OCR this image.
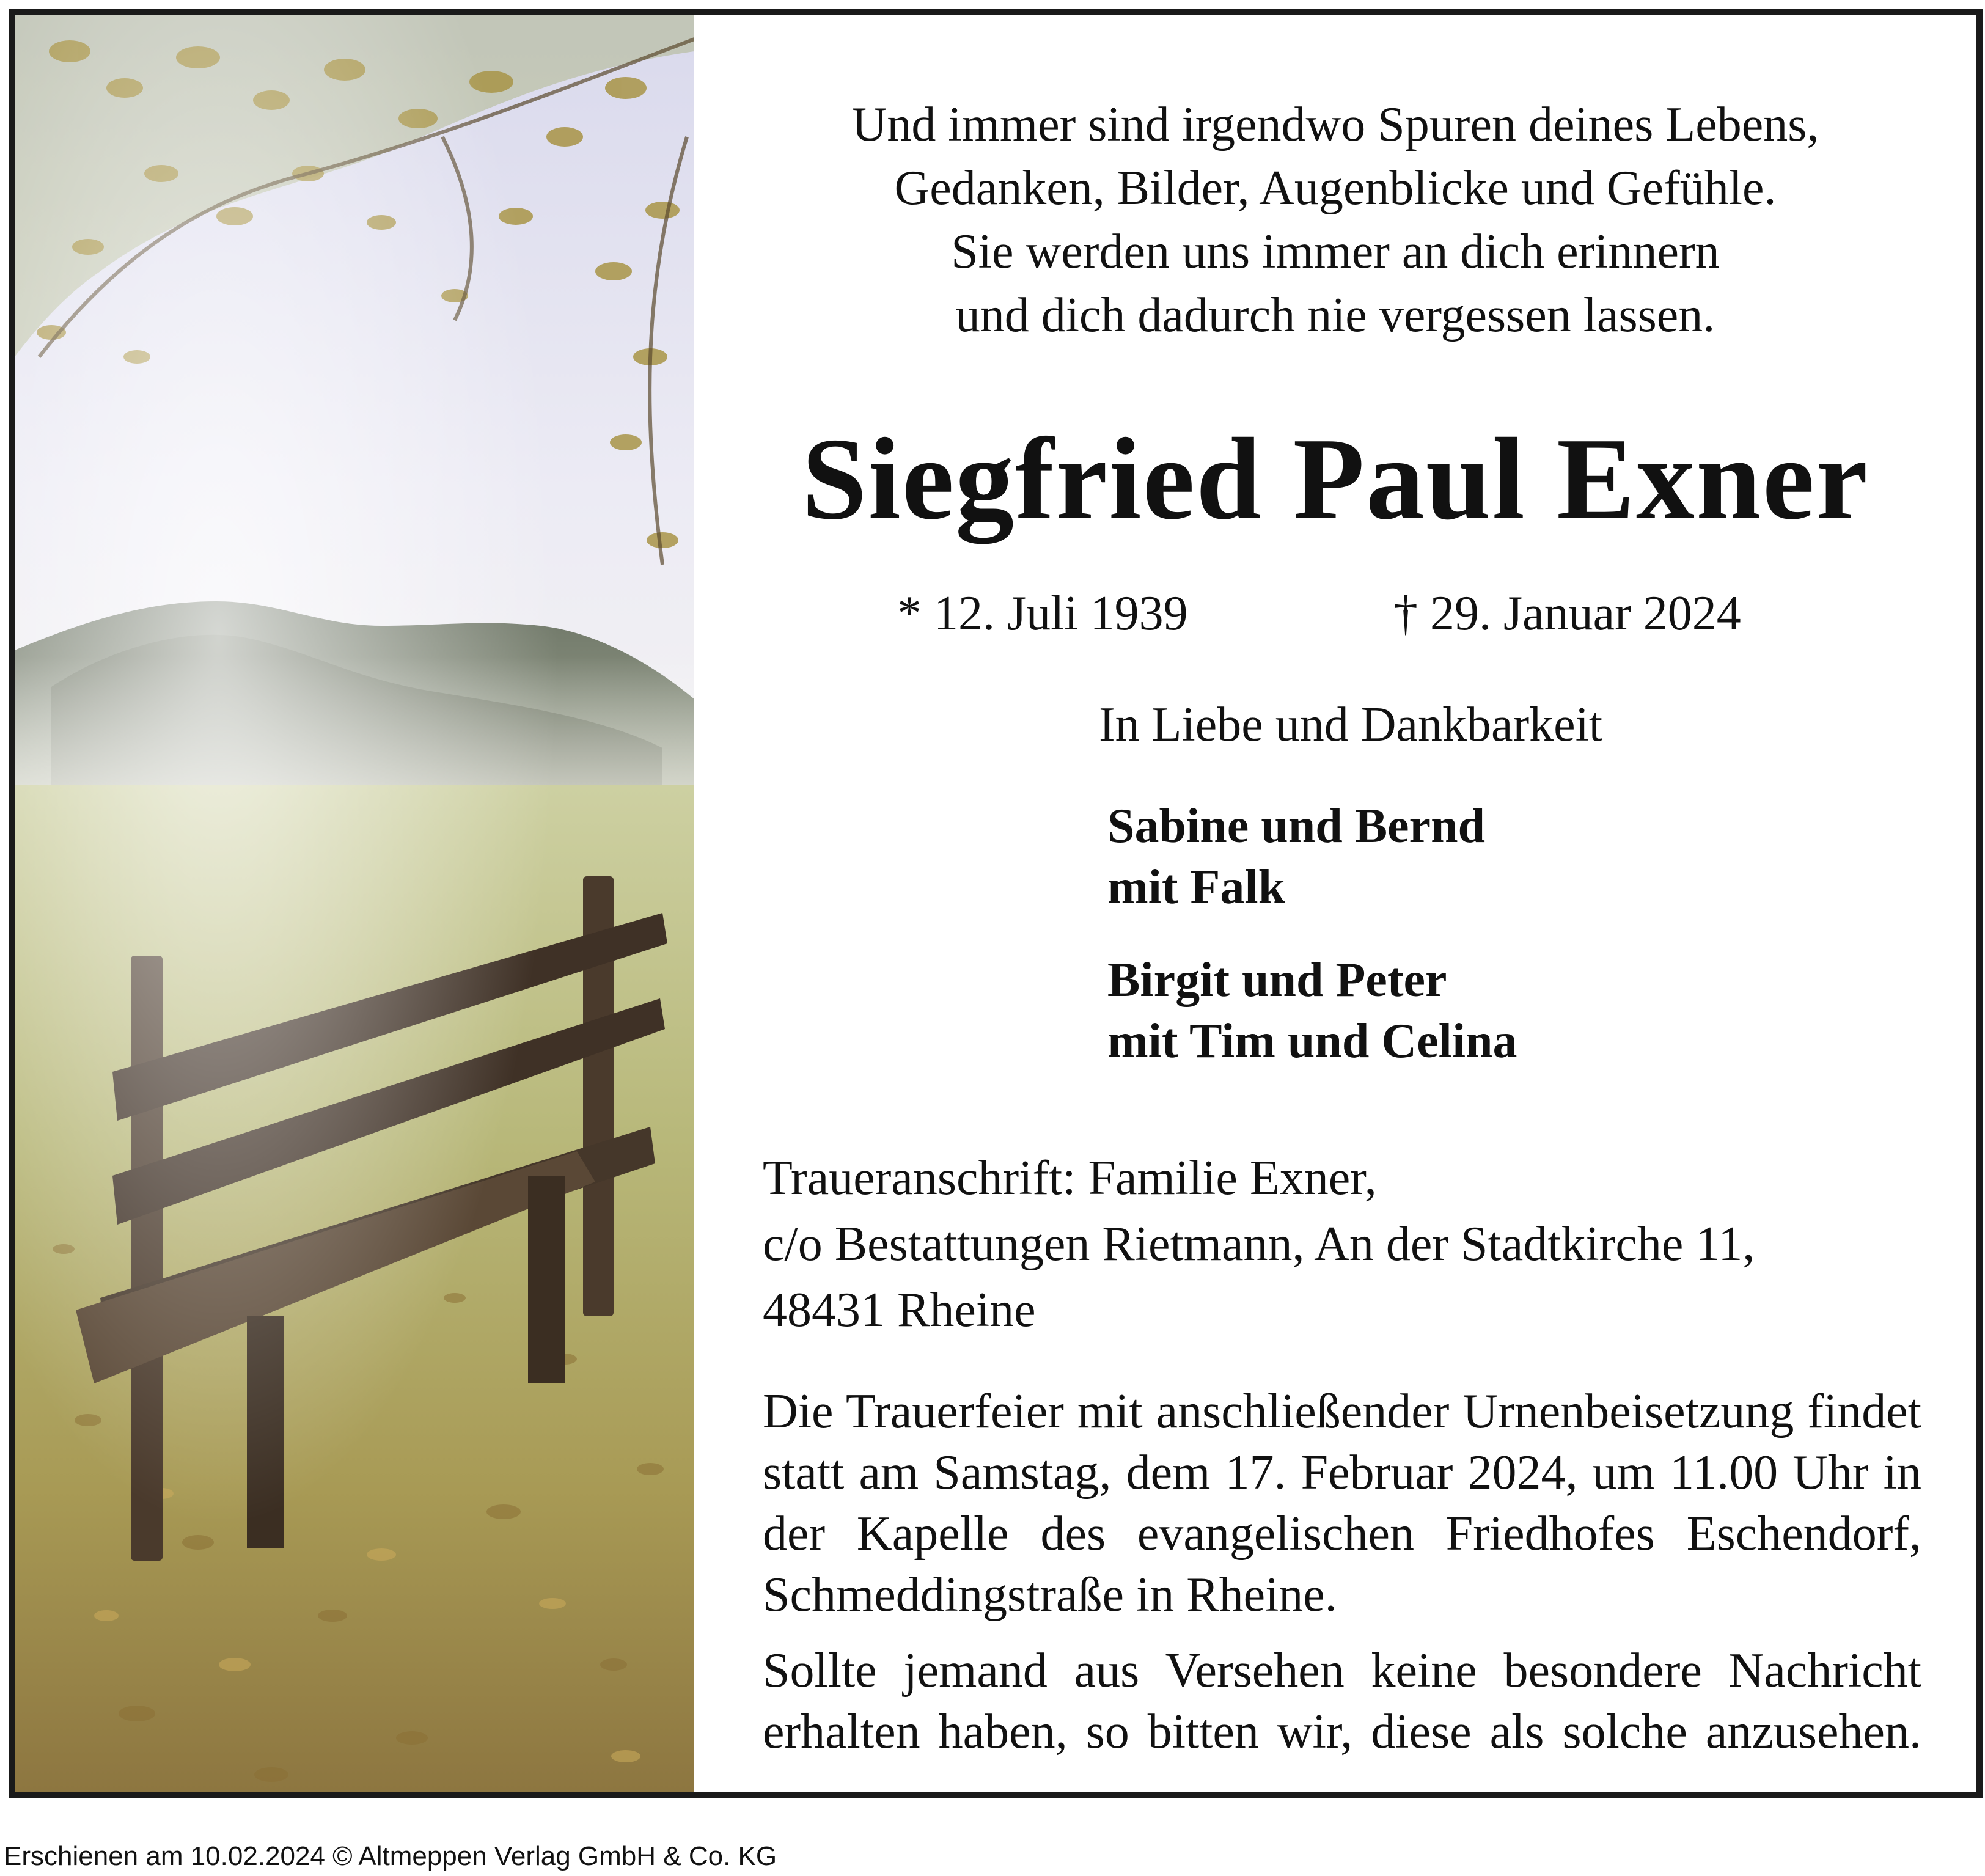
Und immer sind irgendwo Spuren deines Lebens,
Gedanken, Bilder, Augenblicke und Gefühle.
Sie werden uns immer an dich erinnern
und dich dadurch nie vergessen lassen.
Siegfried Paul Exner
* 12. Juli 1939	† 29. Januar 2024
In Liebe und Dankbarkeit
Sabine und Bernd
mit Falk
Birgit und Peter
mit Tim und Celina
Traueranschrift: Familie Exner,
c/o Bestattungen Rietmann, An der Stadtkirche 11,
48431 Rheine
Die Trauerfeier mit anschließender Urnenbeisetzung findet
statt am Samstag, dem 17. Februar 2024, um 11.00 Uhr in
der Kapelle des evangelischen Friedhofes Eschendorf,
Schmeddingstraße in Rheine.
Sollte jemand aus Versehen keine besondere Nachricht
erhalten haben, so bitten wir, diese als solche anzusehen.
Erschienen am 10.02.2024 © Altmeppen Verlag GmbH & Co. KG
